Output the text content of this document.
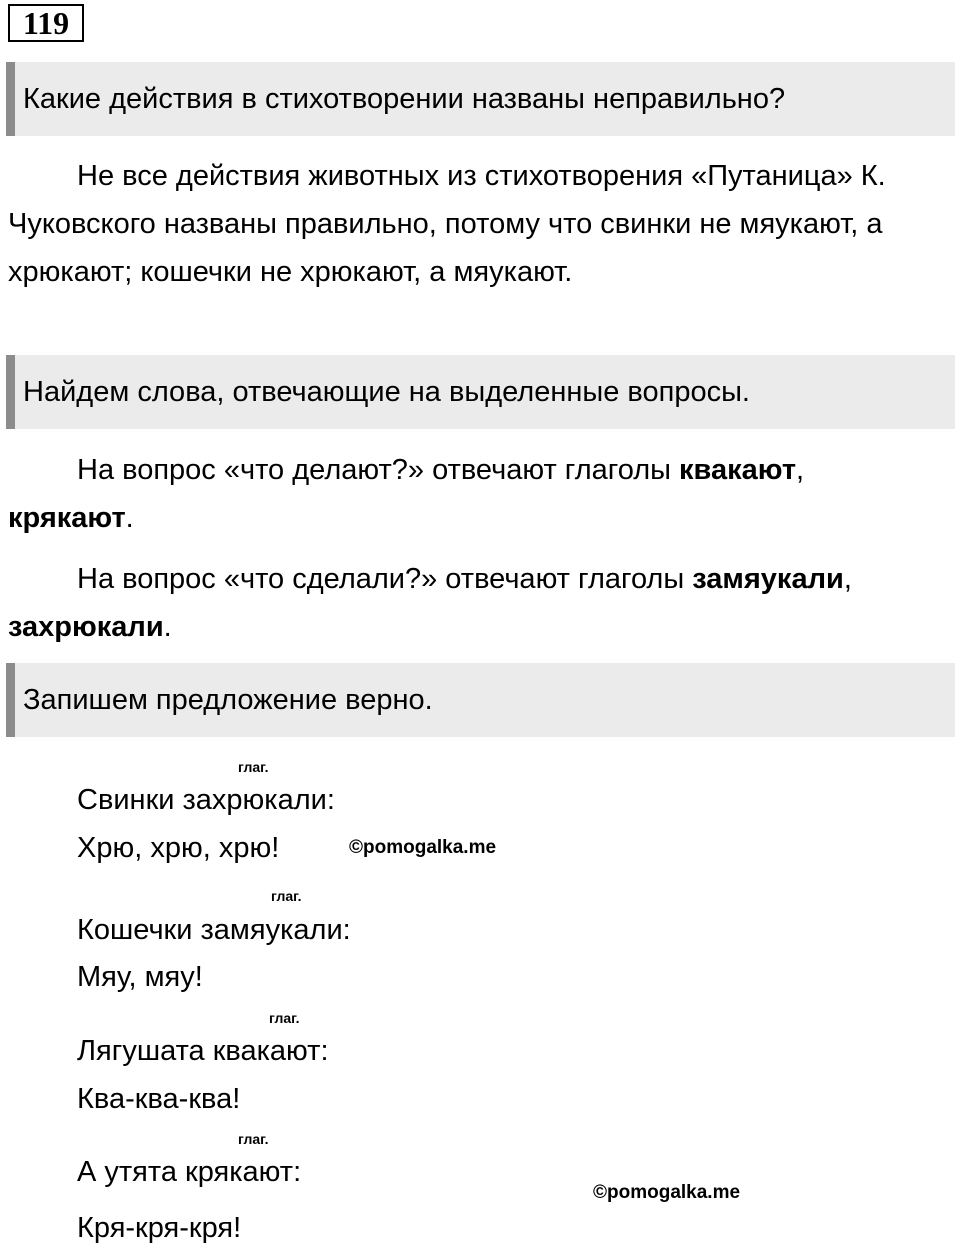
119
Какие действия в стихотворении названы неправильно?
Не все действия животных из стихотворения «Путаница» К. Чуковского названы правильно, потому что свинки не мяукают, а хрюкают; кошечки не хрюкают, а мяукают.
Найдем слова, отвечающие на выделенные вопросы.
На вопрос «что делают?» отвечают глаголы квакают, крякают.
На вопрос «что сделали?» отвечают глаголы замяукали, захрюкали.
Запишем предложение верно.
глаг.
Свинки захрюкали:
Хрю, хрю, хрю!	©pomogalka.me
глаг.
Кошечки замяукали:
Мяу, мяу!
глаг.
Лягушата квакают:
Ква-ква-ква!
глаг.
А утята крякают:
©pomogalka.me
Кря-кря-кря!
